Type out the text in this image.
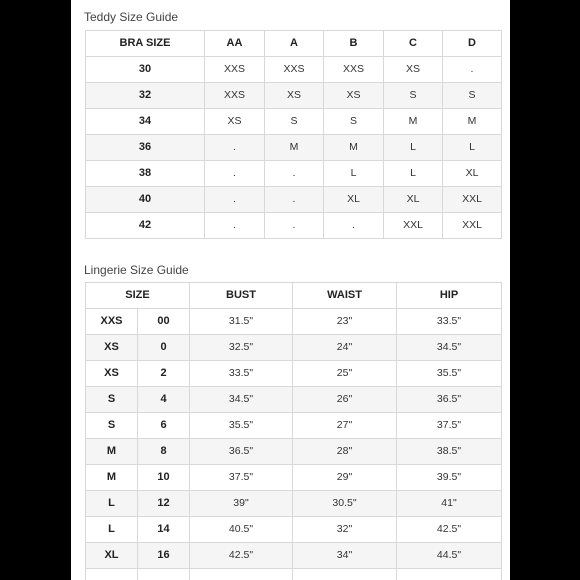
Teddy Size Guide
BRA SIZE	AA	A	B	C	D
30	XXS	XXS	XXS	XS	.
32	XXS	XS	XS	S	S
34	XS	S	S	M	M
36	.	M	M	L	L
38	.	.	L	L	XL
40	.	.	XL	XL	XXL
42	.	.	.	XXL	XXL
Lingerie Size Guide
SIZE		BUST	WAIST	HIP
XXS	00	31.5"	23"	33.5"
XS	0	32.5"	24"	34.5"
XS	2	33.5"	25"	35.5"
S	4	34.5"	26"	36.5"
S	6	35.5"	27"	37.5"
M	8	36.5"	28"	38.5"
M	10	37.5"	29"	39.5"
L	12	39"	30.5"	41"
L	14	40.5"	32"	42.5"
XL	16	42.5"	34"	44.5"
